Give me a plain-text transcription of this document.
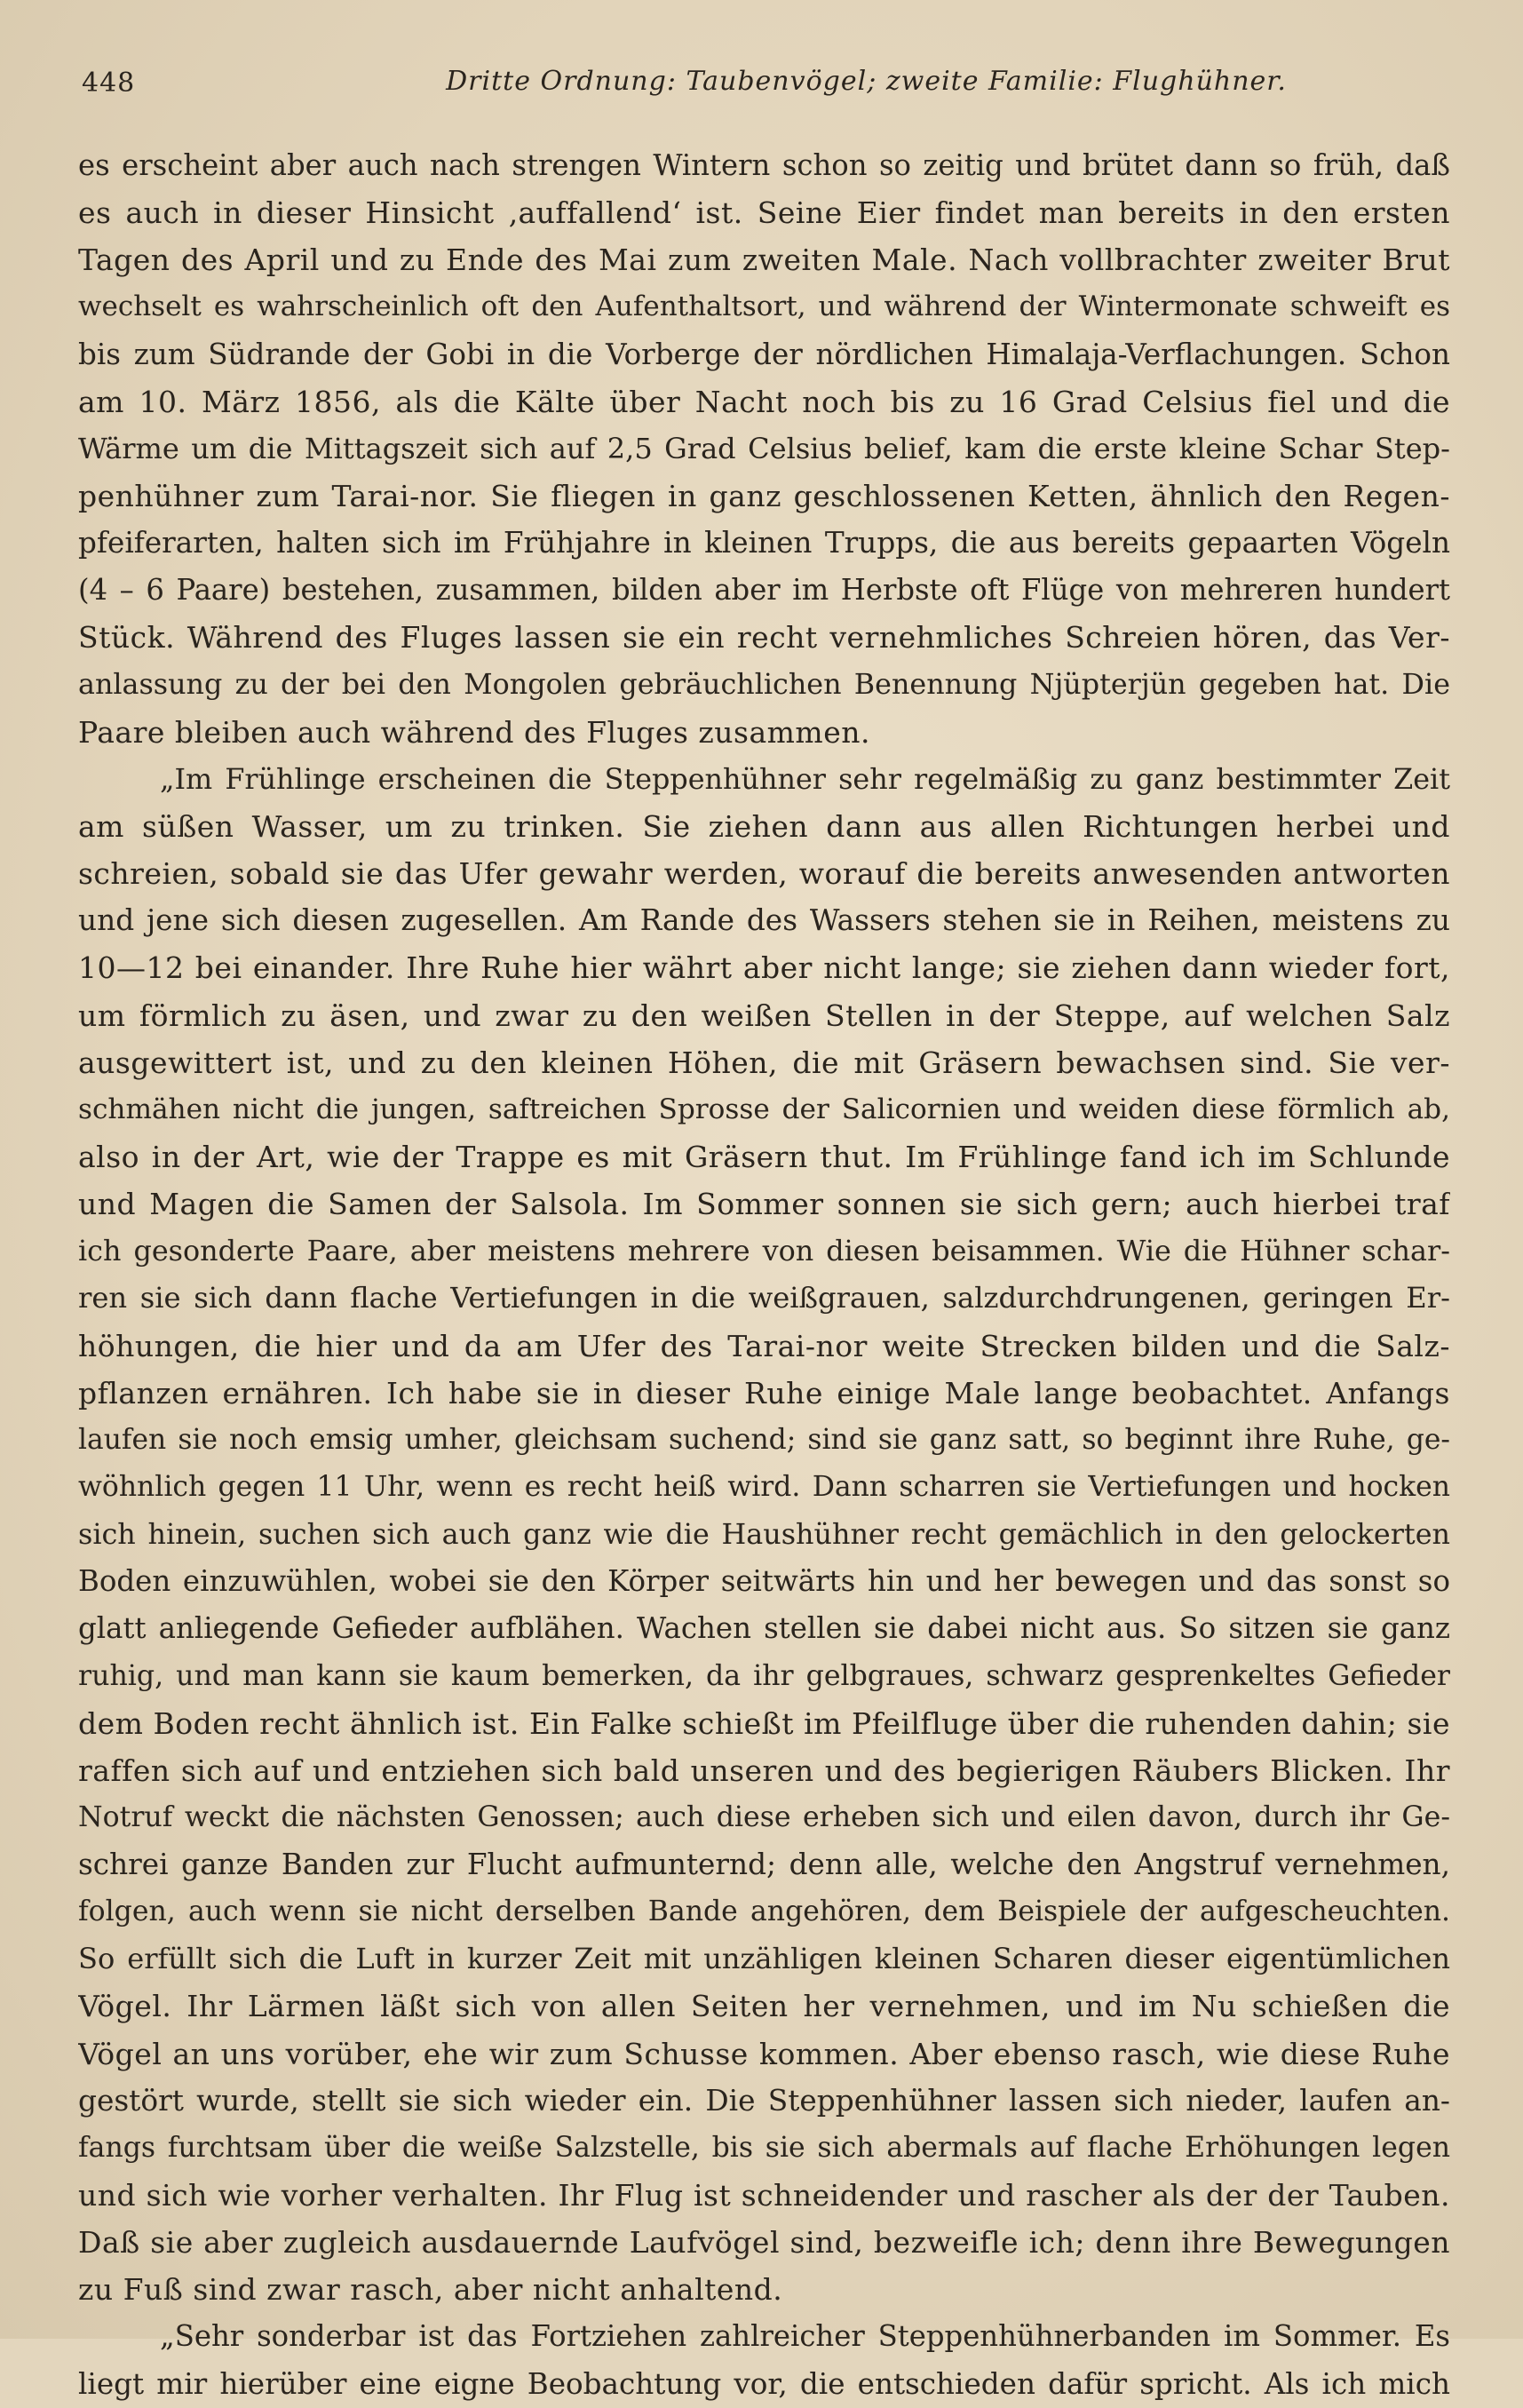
448	Dritte Ordnung: Taubenvögel; zweite Familie: Flughühner.
es erscheint aber auch nach strengen Wintern schon so zeitig und brütet dann so früh, daß
es auch in dieser Hinsicht ‚auffallend‘ ist. Seine Eier findet man bereits in den ersten
Tagen des April und zu Ende des Mai zum zweiten Male. Nach vollbrachter zweiter Brut
wechselt es wahrscheinlich oft den Aufenthaltsort, und während der Wintermonate schweift es
bis zum Südrande der Gobi in die Vorberge der nördlichen Himalaja-Verflachungen. Schon
am 10. März 1856, als die Kälte über Nacht noch bis zu 16 Grad Celsius fiel und die
Wärme um die Mittagszeit sich auf 2,5 Grad Celsius belief, kam die erste kleine Schar Step-
penhühner zum Tarai-nor. Sie fliegen in ganz geschlossenen Ketten, ähnlich den Regen-
pfeiferarten, halten sich im Frühjahre in kleinen Trupps, die aus bereits gepaarten Vögeln
(4 – 6 Paare) bestehen, zusammen, bilden aber im Herbste oft Flüge von mehreren hundert
Stück. Während des Fluges lassen sie ein recht vernehmliches Schreien hören, das Ver-
anlassung zu der bei den Mongolen gebräuchlichen Benennung Njüpterjün gegeben hat. Die
Paare bleiben auch während des Fluges zusammen.
„Im Frühlinge erscheinen die Steppenhühner sehr regelmäßig zu ganz bestimmter Zeit
am süßen Wasser, um zu trinken. Sie ziehen dann aus allen Richtungen herbei und
schreien, sobald sie das Ufer gewahr werden, worauf die bereits anwesenden antworten
und jene sich diesen zugesellen. Am Rande des Wassers stehen sie in Reihen, meistens zu
10—12 bei einander. Ihre Ruhe hier währt aber nicht lange; sie ziehen dann wieder fort,
um förmlich zu äsen, und zwar zu den weißen Stellen in der Steppe, auf welchen Salz
ausgewittert ist, und zu den kleinen Höhen, die mit Gräsern bewachsen sind. Sie ver-
schmähen nicht die jungen, saftreichen Sprosse der Salicornien und weiden diese förmlich ab,
also in der Art, wie der Trappe es mit Gräsern thut. Im Frühlinge fand ich im Schlunde
und Magen die Samen der Salsola. Im Sommer sonnen sie sich gern; auch hierbei traf
ich gesonderte Paare, aber meistens mehrere von diesen beisammen. Wie die Hühner schar-
ren sie sich dann flache Vertiefungen in die weißgrauen, salzdurchdrungenen, geringen Er-
höhungen, die hier und da am Ufer des Tarai-nor weite Strecken bilden und die Salz-
pflanzen ernähren. Ich habe sie in dieser Ruhe einige Male lange beobachtet. Anfangs
laufen sie noch emsig umher, gleichsam suchend; sind sie ganz satt, so beginnt ihre Ruhe, ge-
wöhnlich gegen 11 Uhr, wenn es recht heiß wird. Dann scharren sie Vertiefungen und hocken
sich hinein, suchen sich auch ganz wie die Haushühner recht gemächlich in den gelockerten
Boden einzuwühlen, wobei sie den Körper seitwärts hin und her bewegen und das sonst so
glatt anliegende Gefieder aufblähen. Wachen stellen sie dabei nicht aus. So sitzen sie ganz
ruhig, und man kann sie kaum bemerken, da ihr gelbgraues, schwarz gesprenkeltes Gefieder
dem Boden recht ähnlich ist. Ein Falke schießt im Pfeilfluge über die ruhenden dahin; sie
raffen sich auf und entziehen sich bald unseren und des begierigen Räubers Blicken. Ihr
Notruf weckt die nächsten Genossen; auch diese erheben sich und eilen davon, durch ihr Ge-
schrei ganze Banden zur Flucht aufmunternd; denn alle, welche den Angstruf vernehmen,
folgen, auch wenn sie nicht derselben Bande angehören, dem Beispiele der aufgescheuchten.
So erfüllt sich die Luft in kurzer Zeit mit unzähligen kleinen Scharen dieser eigentümlichen
Vögel. Ihr Lärmen läßt sich von allen Seiten her vernehmen, und im Nu schießen die
Vögel an uns vorüber, ehe wir zum Schusse kommen. Aber ebenso rasch, wie diese Ruhe
gestört wurde, stellt sie sich wieder ein. Die Steppenhühner lassen sich nieder, laufen an-
fangs furchtsam über die weiße Salzstelle, bis sie sich abermals auf flache Erhöhungen legen
und sich wie vorher verhalten. Ihr Flug ist schneidender und rascher als der der Tauben.
Daß sie aber zugleich ausdauernde Laufvögel sind, bezweifle ich; denn ihre Bewegungen
zu Fuß sind zwar rasch, aber nicht anhaltend.
„Sehr sonderbar ist das Fortziehen zahlreicher Steppenhühnerbanden im Sommer. Es
liegt mir hierüber eine eigne Beobachtung vor, die entschieden dafür spricht. Als ich mich
